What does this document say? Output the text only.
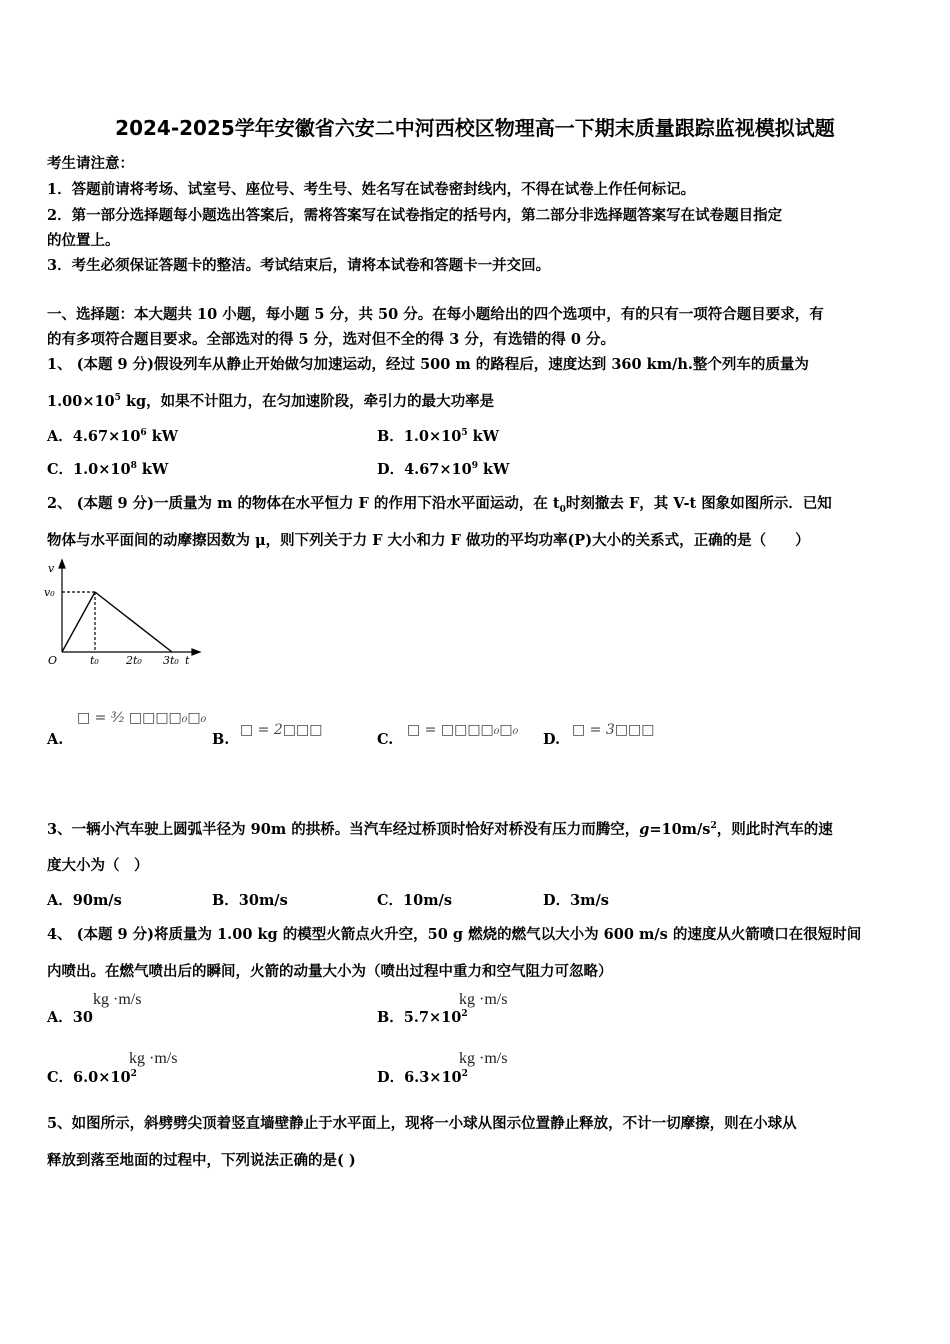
2024-2025学年安徽省六安二中河西校区物理高一下期末质量跟踪监视模拟试题
考生请注意：
1．答题前请将考场、试室号、座位号、考生号、姓名写在试卷密封线内，不得在试卷上作任何标记。
2．第一部分选择题每小题选出答案后，需将答案写在试卷指定的括号内，第二部分非选择题答案写在试卷题目指定
的位置上。
3．考生必须保证答题卡的整洁。考试结束后，请将本试卷和答题卡一并交回。
一、选择题：本大题共 10 小题，每小题 5 分，共 50 分。在每小题给出的四个选项中，有的只有一项符合题目要求，有
的有多项符合题目要求。全部选对的得 5 分，选对但不全的得 3 分，有选错的得 0 分。
1、 (本题 9 分)假设列车从静止开始做匀加速运动，经过 500 m 的路程后，速度达到 360 km/h.整个列车的质量为
$1.00\times 10^5$ kg，如果不计阻力，在匀加速阶段，牵引力的最大功率是
A．$4.67\times 10^6$ kW	B．$1.0\times 10^5$ kW
C．$1.0\times 10^8$ kW	D．$4.67\times 10^9$ kW
2、 (本题 9 分)一质量为 m 的物体在水平恒力 F 的作用下沿水平面运动，在 $t_0$时刻撤去 F，其 V-t 图象如图所示．已知
物体与水平面间的动摩擦因数为 μ，则下列关于力 F 大小和力 F 做功的平均功率(P)大小的关系式，正确的是（　　）
v
v₀
O	t₀ 2t₀ 3t₀ t
A.
□ = ³⁄₂ □□□□₀□₀
B.
□ = 2□□□
C.
□ = □□□□₀□₀
D.
□ = 3□□□
3、一辆小汽车驶上圆弧半径为 90m 的拱桥。当汽车经过桥顶时恰好对桥没有压力而腾空，$g=10m/s^2$，则此时汽车的速
度大小为（　）
A．90m/s	B．30m/s	C．10m/s	D．3m/s
4、 (本题 9 分)将质量为 1.00 kg 的模型火箭点火升空，50 g 燃烧的燃气以大小为 600 m/s 的速度从火箭喷口在很短时间
内喷出。在燃气喷出后的瞬间，火箭的动量大小为（喷出过程中重力和空气阻力可忽略）
A．30
kg ·m/s
B．$5.7\times 10^2$
kg ·m/s
C．$6.0\times 10^2$
kg ·m/s
D．$6.3\times 10^2$
kg ·m/s
5、如图所示，斜劈劈尖顶着竖直墙壁静止于水平面上，现将一小球从图示位置静止释放，不计一切摩擦，则在小球从
释放到落至地面的过程中，下列说法正确的是( )
